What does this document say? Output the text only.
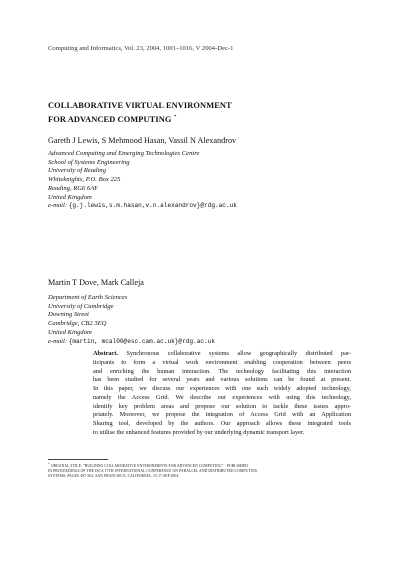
Computing and Informatics, Vol. 23, 2004, 1001–1016, V 2004-Dec-1
COLLABORATIVE VIRTUAL ENVIRONMENT
FOR ADVANCED COMPUTING *
Gareth J Lewis, S Mehmood Hasan, Vassil N Alexandrov
Advanced Computing and Emerging Technologies Centre
School of Systems Engineering
University of Reading
Whiteknights, P.O. Box 225
Reading, RG6 6AY
United Kingdom
e-mail: {g.j.lewis,s.m.hasan,v.n.alexandrov}@rdg.ac.uk
Martin T Dove, Mark Calleja
Department of Earth Sciences
University of Cambridge
Downing Street
Cambridge, CB2 3EQ
United Kingdom
e-mail: {martin, mcal00@esc.cam.ac.uk}@rdg.ac.uk
Abstract. Synchronous collaborative systems allow geographically distributed par-
ticipants to form a virtual work environment enabling cooperation between peers
and enriching the human interaction. The technology facilitating this interaction
has been studied for several years and various solutions can be found at present.
In this paper, we discuss our experiences with one such widely adopted technology,
namely the Access Grid. We describe our experiences with using this technology,
identify key problem areas and propose our solution to tackle these issues appro-
priately. Moreover, we propose the integration of Access Grid with an Application
Sharing tool, developed by the authors. Our approach allows these integrated tools
to utilise the enhanced features provided by our underlying dynamic transport layer.
* ORIGINAL TITLE: "BUILDING COLLABORATIVE ENVIRONMENTS FOR ADVANCED COMPUTING" · PUBLISHED
IN PROCEEDINGS OF THE ISCA 17TH INTERNATIONAL CONFERENCE ON PARALLEL AND DISTRIBUTED COMPUTING
SYSTEMS, PAGES 497-502, SAN FRANCISCO, CALIFORNIA, 15-17 SEP 2004
